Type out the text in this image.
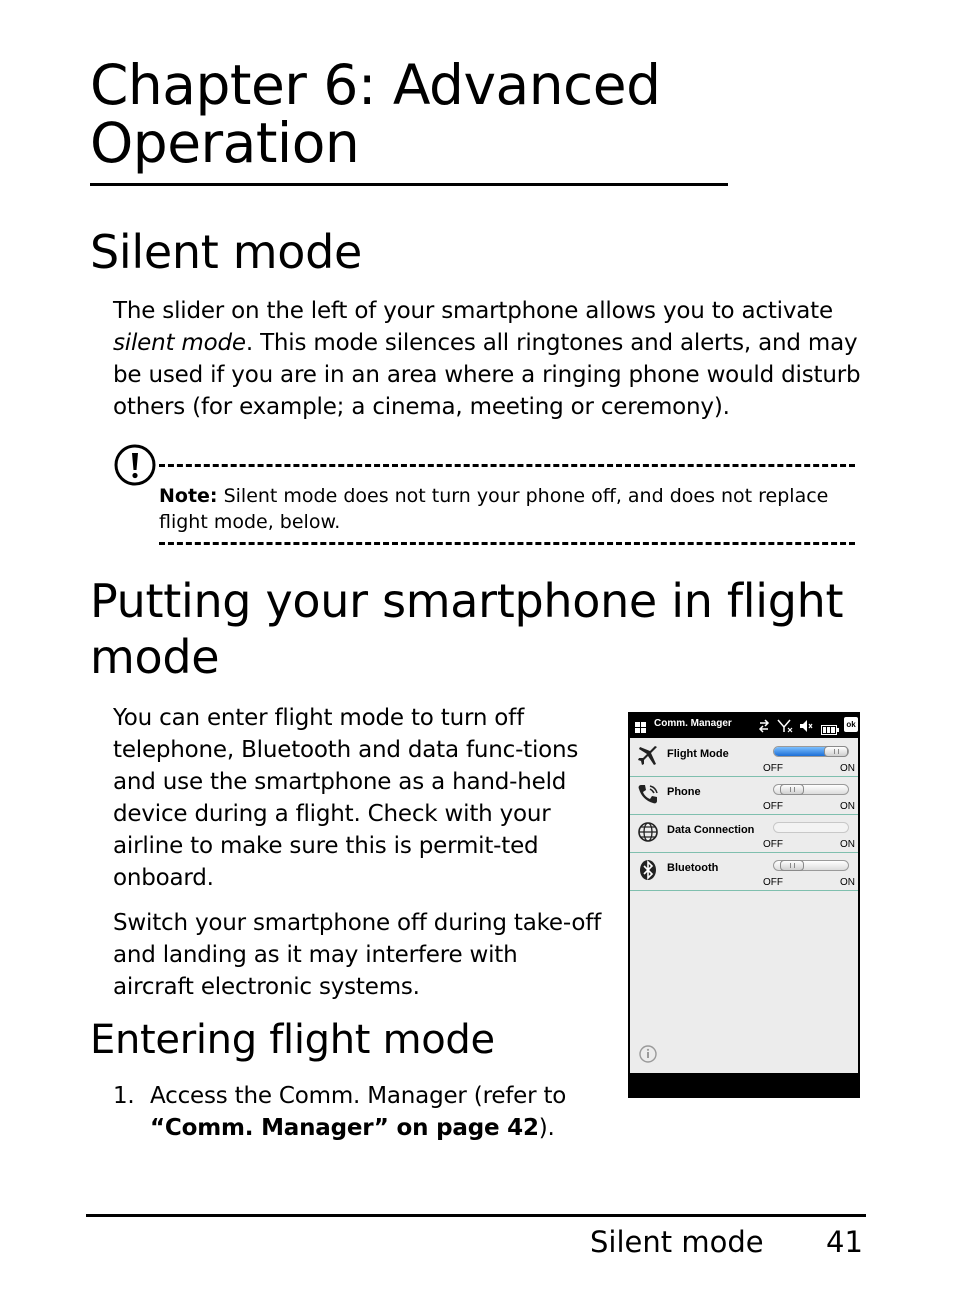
Chapter 6: Advanced Operation
Silent mode

The slider on the left of your smartphone allows you to activate silent mode. This mode silences all ringtones and alerts, and may be used if you are in an area where a ringing phone would disturb others (for example; a cinema, meeting or ceremony).

Note: Silent mode does not turn your phone off, and does not replace flight mode, below.
Putting your smartphone in flight mode

You can enter flight mode to turn off telephone, Bluetooth and data func-tions and use the smartphone as a hand-held device during a flight. Check with your airline to make sure this is permit-ted onboard.

Switch your smartphone off during take-off and landing as it may interfere with aircraft electronic systems.

Entering flight mode
1. Access the Comm. Manager (refer to “Comm. Manager” on page 42).

Comm. Manager	ok
Flight Mode
OFF	ON
Phone
OFF	ON
Data Connection
OFF	ON
Bluetooth
OFF	ON
Silent mode 41
